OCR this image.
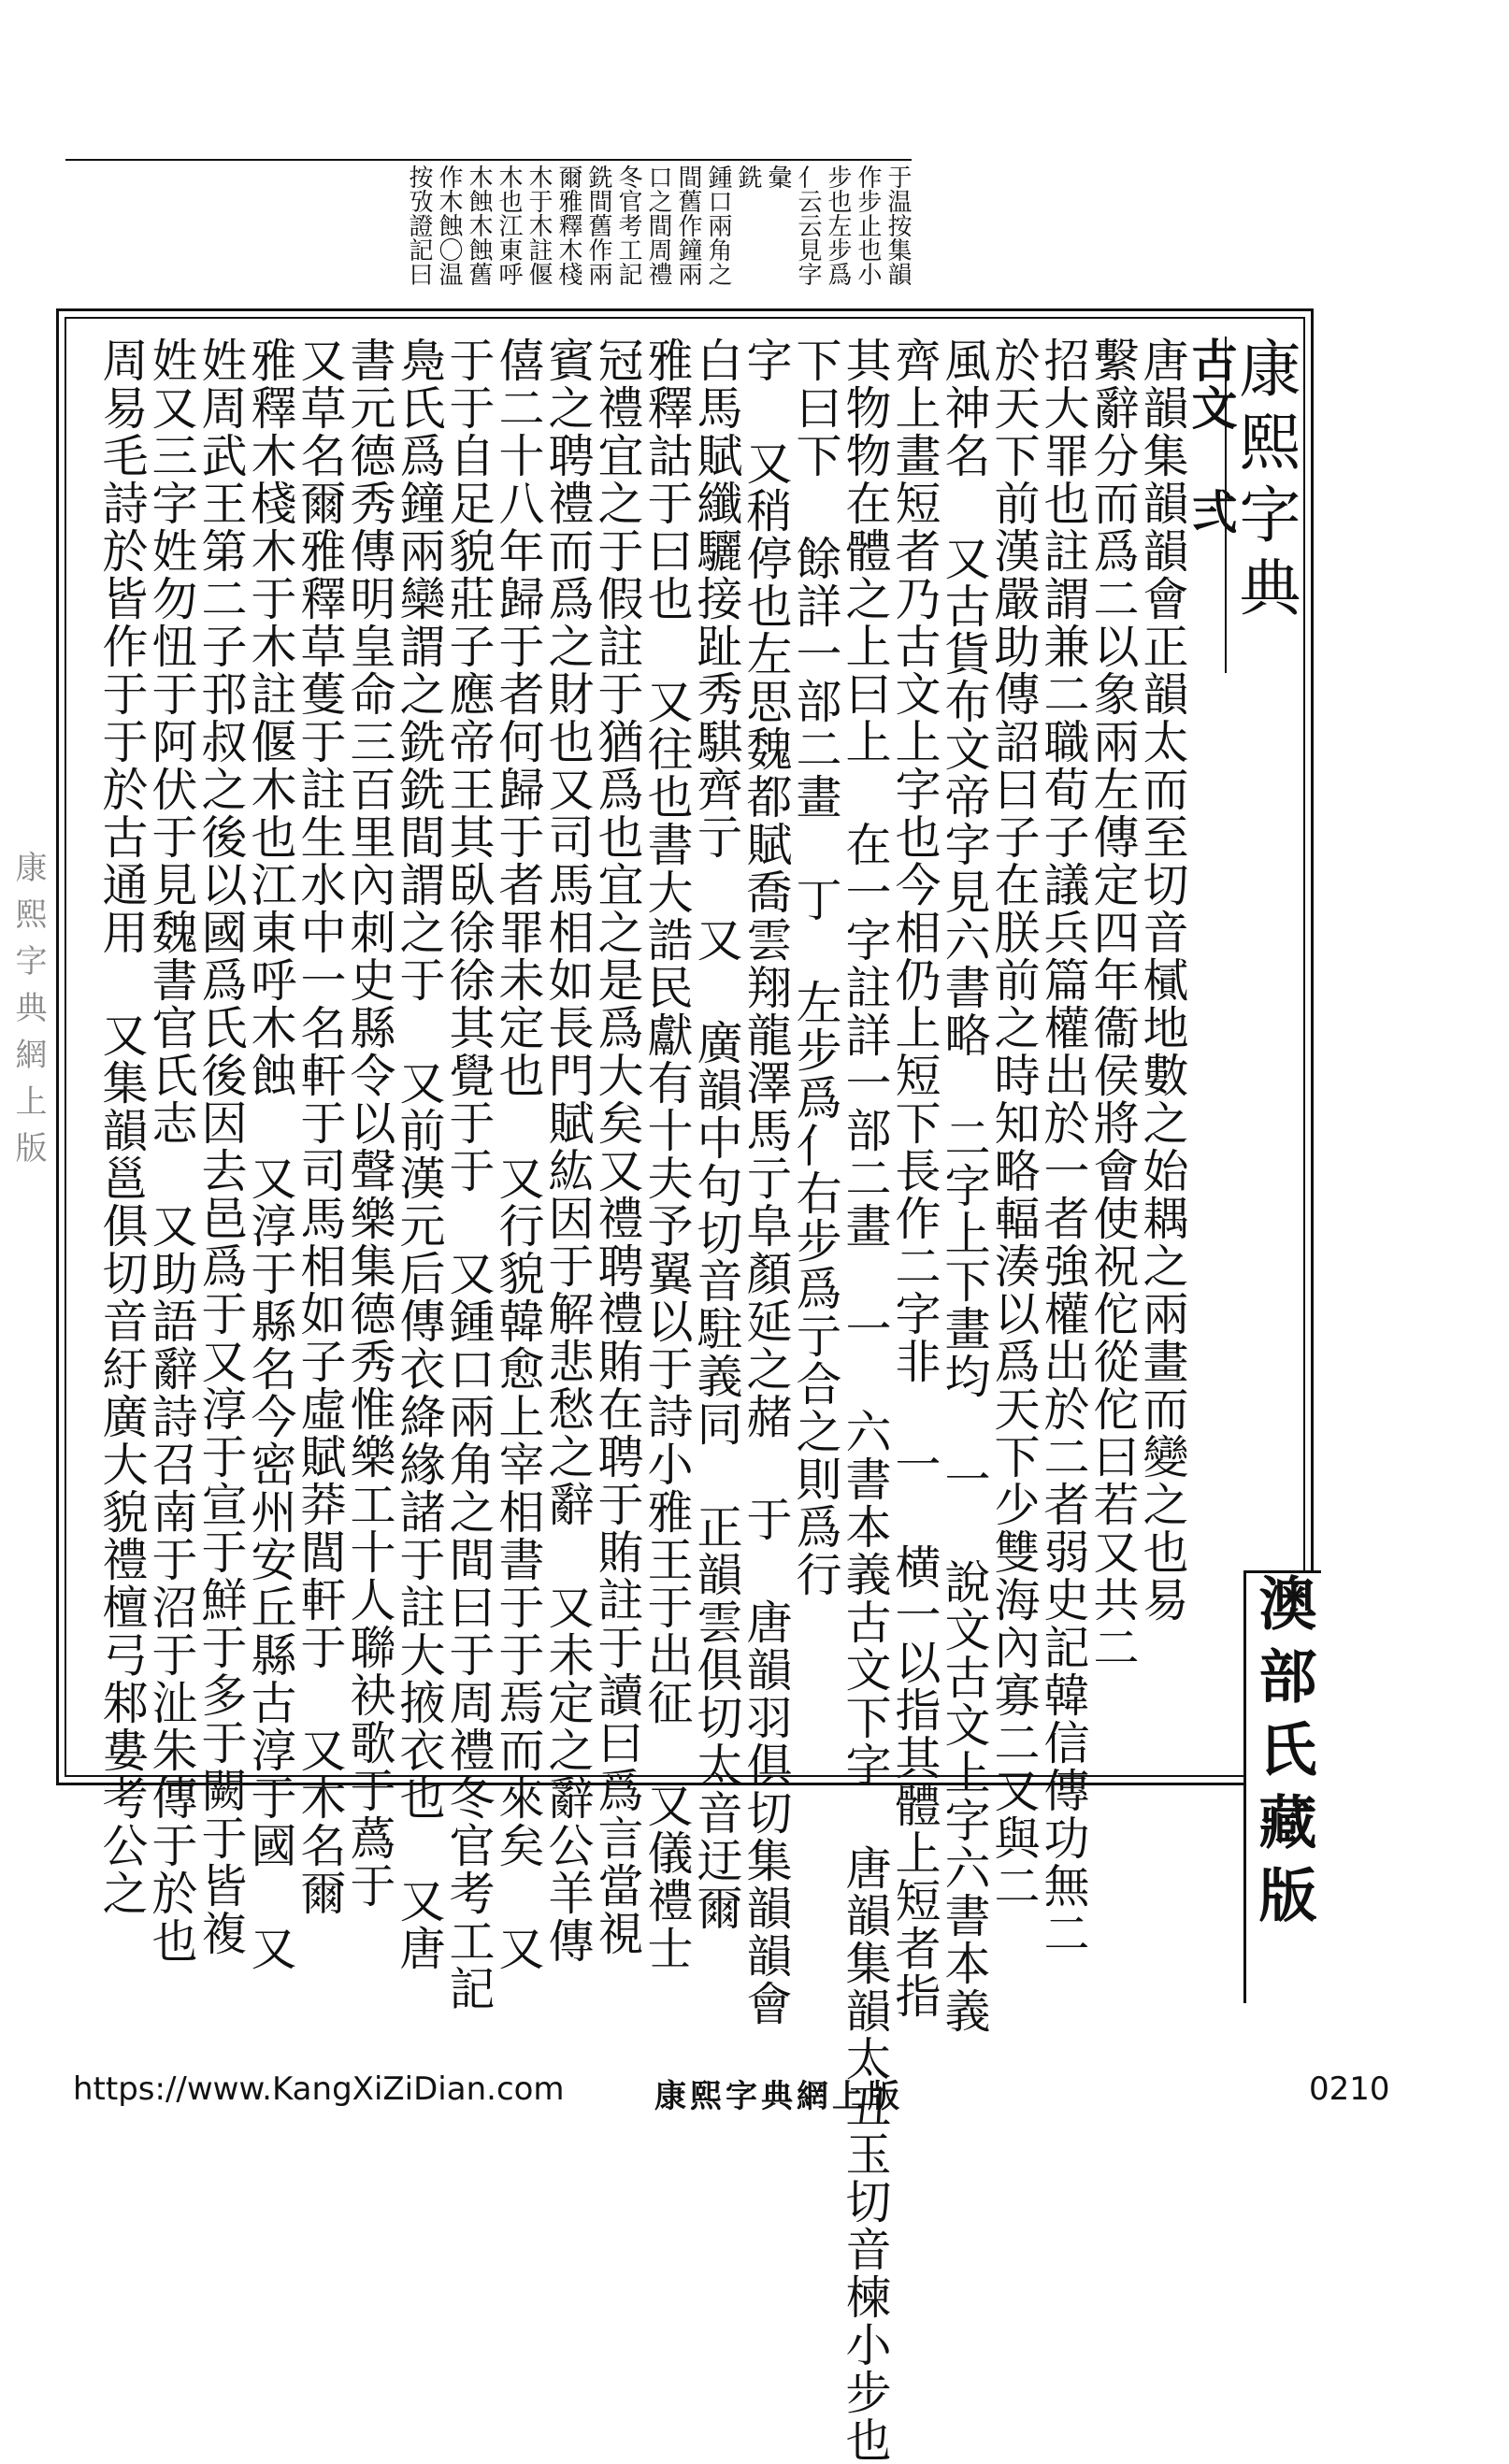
于温按集韻
作步止也小
步也左步爲
亻云云見字
彙
銑
鍾口兩角之
間舊作鐘兩
口之間周禮
冬官考工記
銑間舊作兩
爾雅釋木棧
木于木註偃
木也江東呼
木蝕木蝕舊
作木蝕〇温
按攷證記曰
康熙字典
古文 弍
唐韻集韻韻會正韻太而至切音樲地數之始耦之兩畫而變之也易
繫辭分而爲二以象兩左傳定四年衞侯將會使祝佗從佗曰若又共二
招大罪也註謂兼二職荀子議兵篇權出於一者強權出於二者弱史記韓信傳功無二
於天下前漢嚴助傳詔曰子在朕前之時知略輻湊以爲天下少雙海內寡二又與二
風神名 又古貨布文帝字見六書略 二字上下畫均 一 說文古文上字六書本義
齊上畫短者乃古文上字也今相仍上短下長作二字非 一 横一以指其體上短者指
其物物在體之上曰上 在一字註詳一部二畫 一 六書本義古文下字 唐韻集韻太丑玉切音楝小步也
下曰下 餘詳一部二畫 丁 左步爲亻右步爲亍合之則爲行
字 又稍停也左思魏都賦喬雲翔龍澤馬亍阜顏延之赭 于 唐韻羽俱切集韻韻會
白馬賦纖驪接趾秀騏齊亍 又 廣韻中句切音駐義同 正韻雲俱切太音迂爾
雅釋詁于曰也 又往也書大誥民獻有十夫予翼以于詩小雅王于出征 又儀禮士
冠禮宜之于假註于猶爲也宜之是爲大矣又禮聘禮賄在聘于賄註于讀曰爲言當視
賓之聘禮而爲之財也又司馬相如長門賦紘因于解悲愁之辭 又未定之辭公羊傳
僖二十八年歸于者何歸于者罪未定也 又行貌韓愈上宰相書于于焉而來矣 又
于于自足貌莊子應帝王其臥徐徐其覺于于 又鍾口兩角之間曰于周禮冬官考工記
鳧氏爲鐘兩欒謂之銑銑間謂之于 又前漢元后傳衣絳緣諸于註大掖衣也 又唐
書元德秀傳明皇命三百里內刺史縣令以聲樂集德秀惟樂工十人聯袂歌于蔿于
又草名爾雅釋草蒦于註生水中一名軒于司馬相如子虛賦莽閭軒于 又木名爾
雅釋木棧木于木註偃木也江東呼木蝕 又淳于縣名今密州安丘縣古淳于國 又
姓周武王第二子邘叔之後以國爲氏後因去邑爲于又淳于宣于鮮于多于闕于皆複
姓又三字姓勿忸于阿伏于見魏書官氏志 又助語辭詩召南于沼于沚朱傳于於也
周易毛詩於皆作于于於古通用 又集韻邕俱切音紆廣大貌禮檀弓邾婁考公之	澳部氏藏版
康熙字典網上版
https://www.KangXiZiDian.com	康熙字典網上版	0210
